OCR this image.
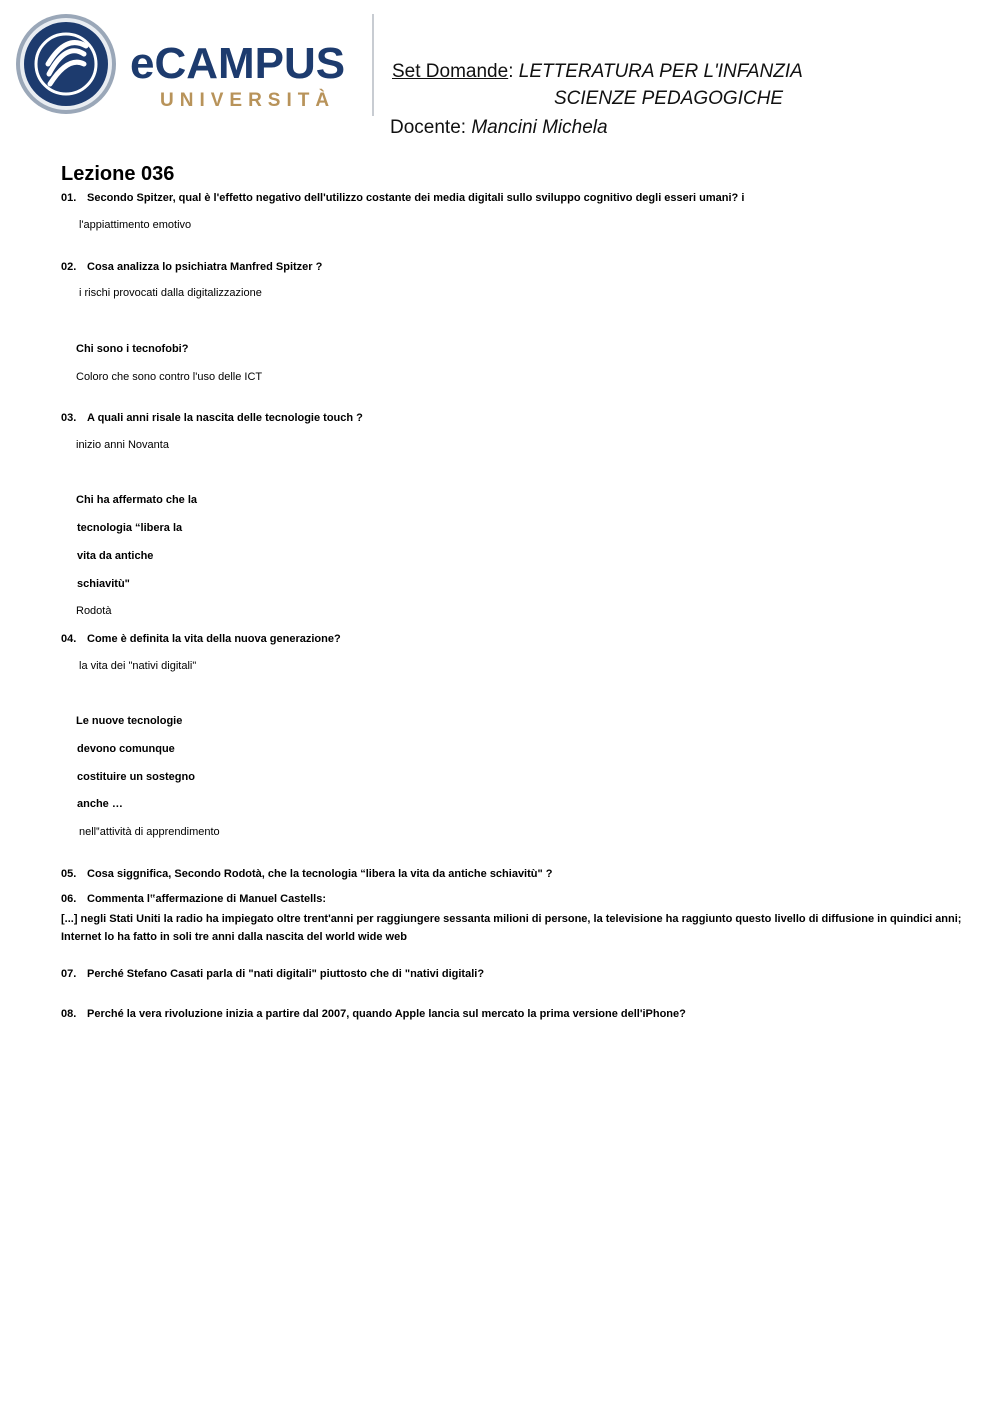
eCAMPUS
UNIVERSITÀ
Set Domande: LETTERATURA PER L'INFANZIA
SCIENZE PEDAGOGICHE
Docente: Mancini Michela
Lezione 036
01. Secondo Spitzer, qual è l'effetto negativo dell'utilizzo costante dei media digitali sullo sviluppo cognitivo degli esseri umani? i
l'appiattimento emotivo
02. Cosa analizza lo psichiatra Manfred Spitzer ?
i rischi provocati dalla digitalizzazione
Chi sono i tecnofobi?
Coloro che sono contro l'uso delle ICT
03. A quali anni risale la nascita delle tecnologie touch ?
inizio anni Novanta
Chi ha affermato che la
tecnologia “libera la
vita da antiche
schiavitù"
Rodotà
04. Come è definita la vita della nuova generazione?
la vita dei "nativi digitali"
Le nuove tecnologie
devono comunque
costituire un sostegno
anche …
nell‟attività di apprendimento
05. Cosa siggnifica, Secondo Rodotà, che la tecnologia “libera la vita da antiche schiavitù" ?
06. Commenta l‟affermazione di Manuel Castells:
[...] negli Stati Uniti la radio ha impiegato oltre trent'anni per raggiungere sessanta milioni di persone, la televisione ha raggiunto questo livello di diffusione in quindici anni; Internet lo ha fatto in soli tre anni dalla nascita del world wide web
07. Perché Stefano Casati parla di "nati digitali" piuttosto che di "nativi digitali?
08. Perché la vera rivoluzione inizia a partire dal 2007, quando Apple lancia sul mercato la prima versione dell'iPhone?
